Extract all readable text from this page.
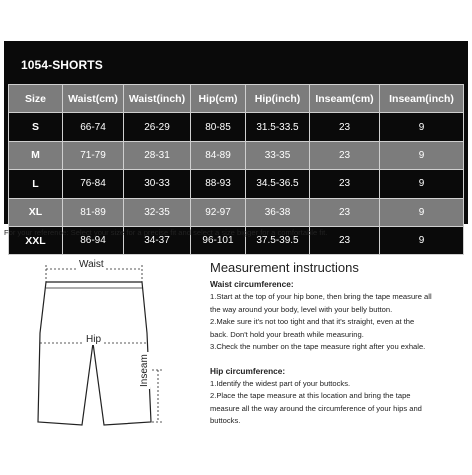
1054-SHORTS
Size	Waist(cm)	Waist(inch)	Hip(cm)	Hip(inch)	Inseam(cm)	Inseam(inch)
S	66-74	26-29	80-85	31.5-33.5	23	9
M	71-79	28-31	84-89	33-35	23	9
L	76-84	30-33	88-93	34.5-36.5	23	9
XL	81-89	32-35	92-97	36-38	23	9
XXL	86-94	34-37	96-101	37.5-39.5	23	9
For your reference: Select your size for a precise fit and select a size bigger for a comfortable fit.
Waist
Hip
Inseam
Measurement instructions
Waist circumference:

1.Start at the top of your hip bone, then bring the tape measure all

the way around your body, level with your belly button.

2.Make sure it's not too tight and that it's straight, even at the

back. Don't hold your breath while measuring.

3.Check the number on the tape measure right after you exhale.

Hip circumference:

1.Identify the widest part of your buttocks.

2.Place the tape measure at this location and bring the tape

measure all the way around the circumference of your hips and

buttocks.
